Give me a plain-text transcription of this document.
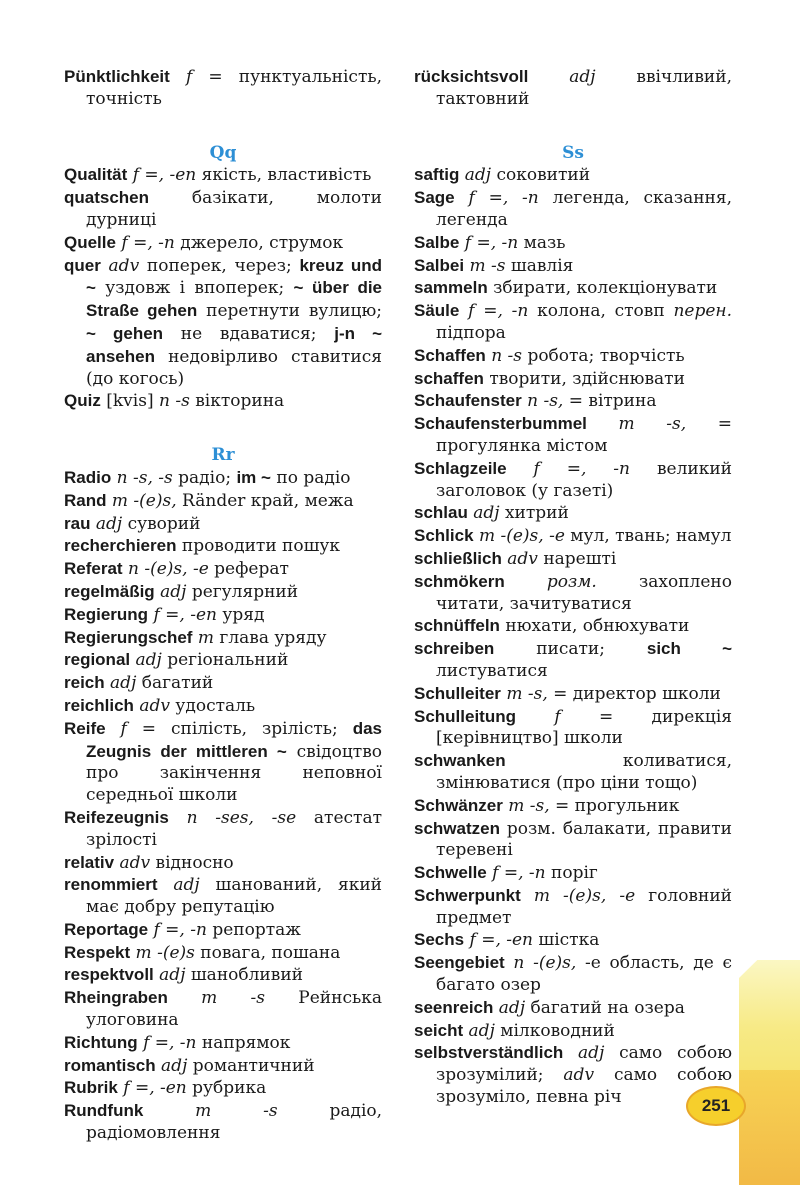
Pünktlichkeit f = пунктуальність, точність
Qq
Qualität f =, -en якість, властивість
quatschen	базікати, молоти дурниці
Quelle f =, -n джерело, струмок
quer adv поперек, через; kreuz und ~ уздовж і впоперек; ~ über die Straße gehen перетнути вулицю; ~ gehen не вдаватися; j-n ~ ansehen недовірливо ставитися (до когось)
Quiz [kvis] n -s вікторина
Rr
Radio n -s, -s радіо; im ~ по радіо
Rand m -(e)s, Ränder край, межа
rau adj суворий
recherchieren проводити пошук
Referat n -(e)s, -e реферат
regelmäßig adj регулярний
Regierung f =, -en уряд
Regierungschef m глава уряду
regional adj регіональний
reich adj багатий
reichlich adv удосталь
Reife f = спілість, зрілість; das Zeugnis der mittleren ~ свідоцтво про закінчення неповної середньої школи
Reifezeugnis n -ses, -se атестат зрілості
relativ adv відносно
renommiert adj шанований, який має добру репутацію
Reportage f =, -n репортаж
Respekt m -(e)s повага, пошана
respektvoll adj шанобливий
Rheingraben m -s Рейнська улоговина
Richtung f =, -n напрямок
romantisch adj романтичний
Rubrik f =, -en рубрика
Rundfunk	m -s	радіо, радіомовлення
rücksichtsvoll adj ввічливий, тактовний
Ss
saftig adj соковитий
Sage f =, -n легенда, сказання, легенда
Salbe f =, -n мазь
Salbei m -s шавлія
sammeln збирати, колекціонувати
Säule f =, -n колона, стовп перен. підпора
Schaffen n -s робота; творчість
schaffen творити, здійснювати
Schaufenster n -s, = вітрина
Schaufensterbummel m -s, = прогулянка містом
Schlagzeile f =, -n великий заголовок (у газеті)
schlau adj хитрий
Schlick m -(e)s, -e мул, твань; намул
schließlich adv нарешті
schmökern розм. захоплено читати, зачитуватися
schnüffeln нюхати, обнюхувати
schreiben писати; sich ~ листуватися
Schulleiter m -s, = директор школи
Schulleitung f = дирекція [керівництво] школи
schwanken	коливатися, змінюватися (про ціни тощо)
Schwänzer m -s, = прогульник
schwatzen розм. балакати, правити теревені
Schwelle f =, -n поріг
Schwerpunkt m -(e)s, -e головний предмет
Sechs f =, -en шістка
Seengebiet n -(e)s, -e область, де є багато озер
seenreich adj багатий на озера
seicht adj мілководний
selbstverständlich adj само собою зрозумілий; adv само собою зрозуміло, певна річ	251
